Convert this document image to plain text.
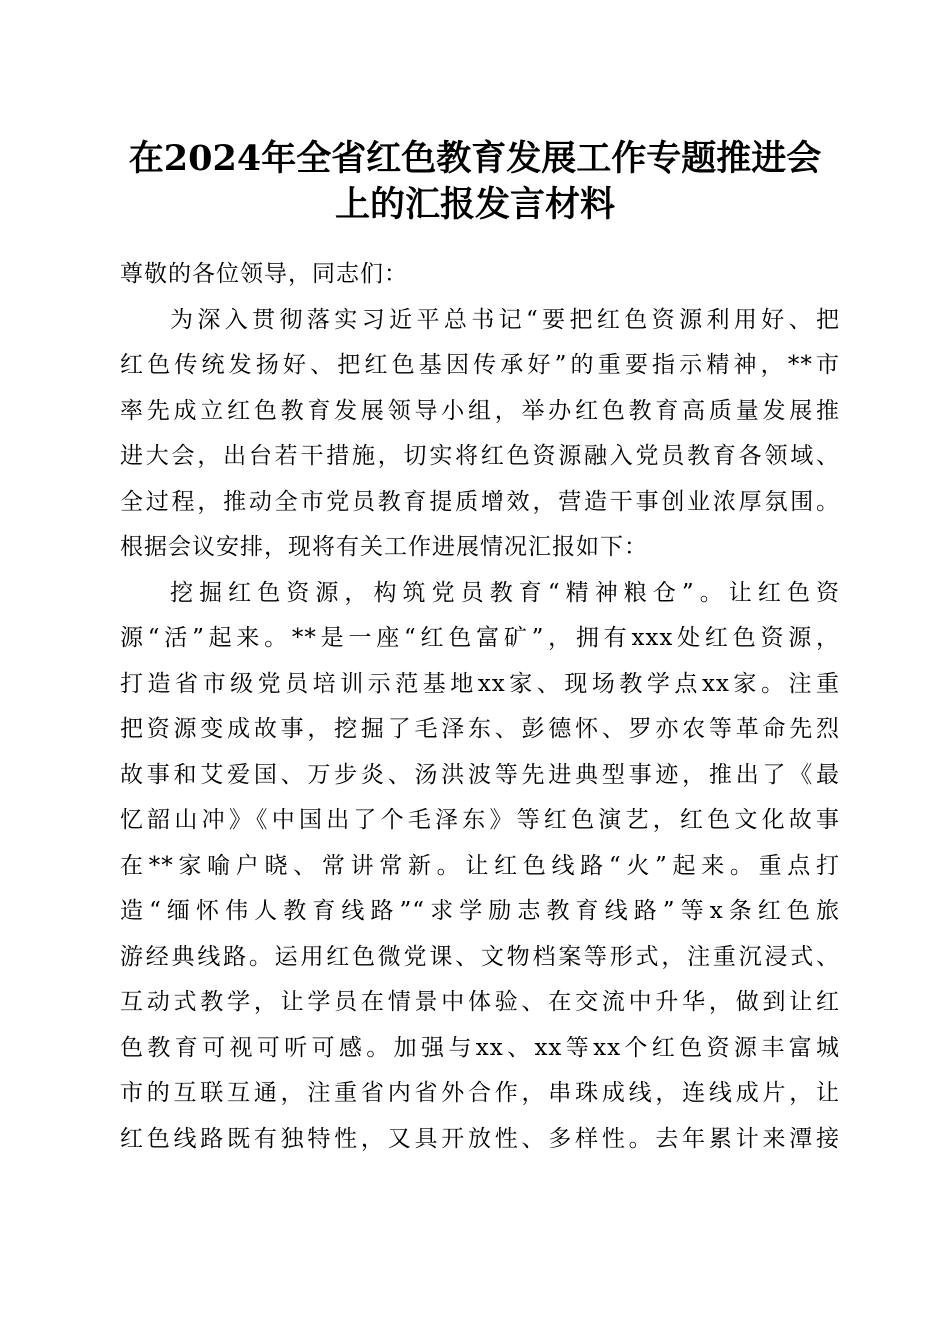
在2024年全省红色教育发展工作专题推进会
上的汇报发言材料
尊敬的各位领导，同志们：
为深入贯彻落实习近平总书记“要把红色资源利用好、把
红色传统发扬好、把红色基因传承好”的重要指示精神，**市
率先成立红色教育发展领导小组，举办红色教育高质量发展推
进大会，出台若干措施，切实将红色资源融入党员教育各领域、
全过程，推动全市党员教育提质增效，营造干事创业浓厚氛围。
根据会议安排，现将有关工作进展情况汇报如下：
挖掘红色资源，构筑党员教育“精神粮仓”。让红色资
源“活”起来。**是一座“红色富矿”，拥有xxx处红色资源，
打造省市级党员培训示范基地xx家、现场教学点xx家。注重
把资源变成故事，挖掘了毛泽东、彭德怀、罗亦农等革命先烈
故事和艾爱国、万步炎、汤洪波等先进典型事迹，推出了《最
忆韶山冲》《中国出了个毛泽东》等红色演艺，红色文化故事
在**家喻户晓、常讲常新。让红色线路“火”起来。重点打
造“缅怀伟人教育线路”“求学励志教育线路”等x条红色旅
游经典线路。运用红色微党课、文物档案等形式，注重沉浸式、
互动式教学，让学员在情景中体验、在交流中升华，做到让红
色教育可视可听可感。加强与xx、xx等xx个红色资源丰富城
市的互联互通，注重省内省外合作，串珠成线，连线成片，让
红色线路既有独特性，又具开放性、多样性。去年累计来潭接
